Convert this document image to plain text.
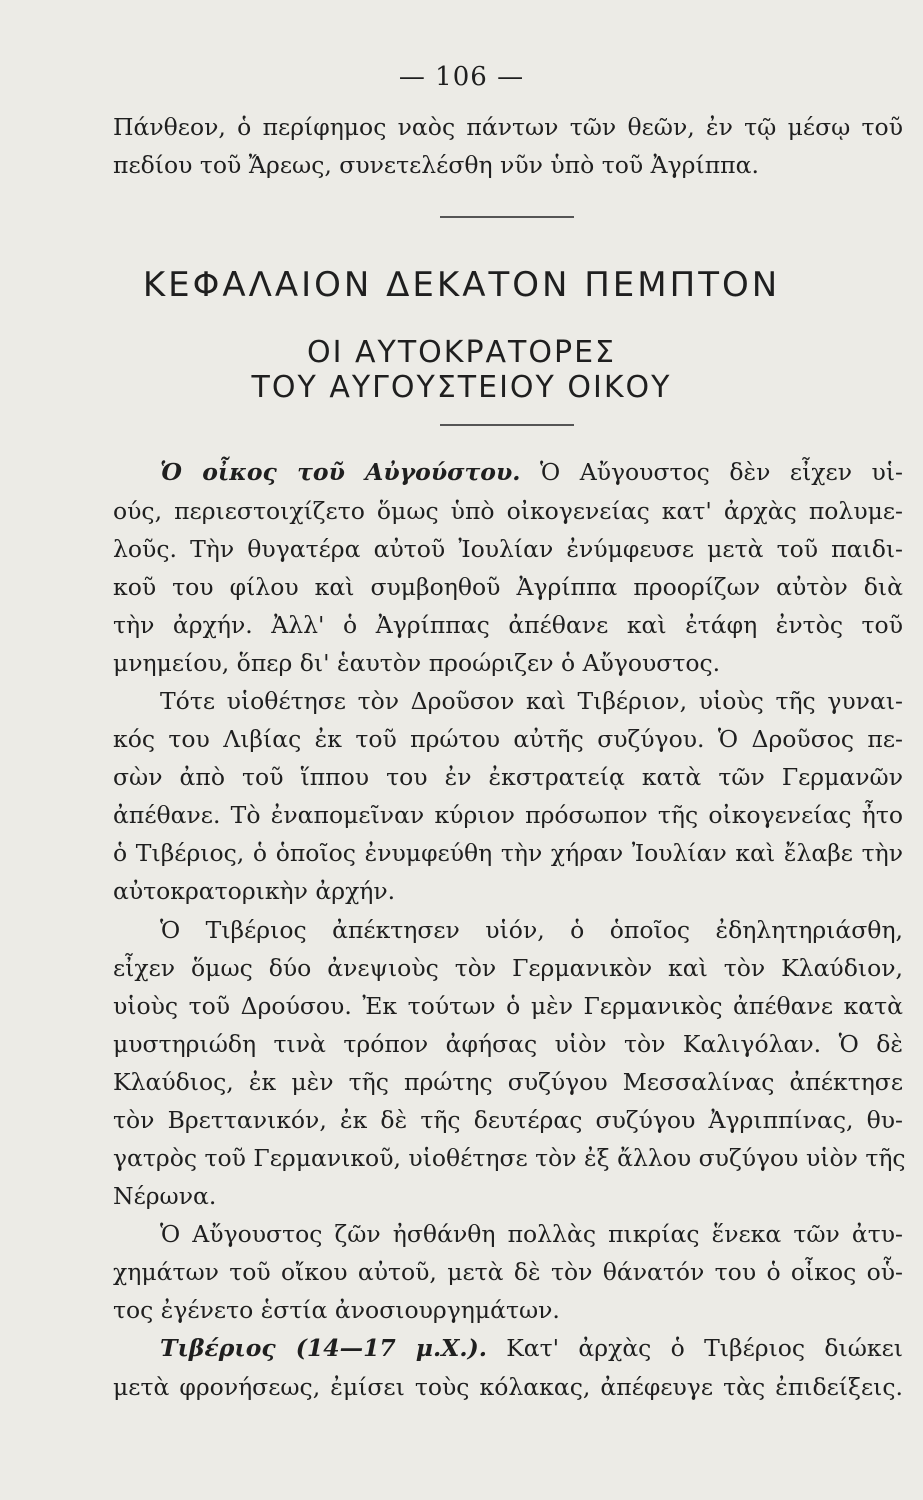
— 106 —
Πάνθεον, ὁ περίφημος ναὸς πάντων τῶν θεῶν, ἐν τῷ μέσῳ τοῦ
πεδίου τοῦ Ἄρεως, συνετελέσθη νῦν ὑπὸ τοῦ Ἀγρίππα.
ΚΕΦΑΛΑΙΟΝ ΔΕΚΑΤΟΝ ΠΕΜΠΤΟΝ
ΟΙ ΑΥΤΟΚΡΑΤΟΡΕΣ
ΤΟΥ ΑΥΓΟΥΣΤΕΙΟΥ ΟΙΚΟΥ
Ὁ οἶκος τοῦ Αὐγούστου. Ὁ Αὔγουστος δὲν εἶχεν υἱ-
ούς, περιεστοιχίζετο ὅμως ὑπὸ οἰκογενείας κατ' ἀρχὰς πολυμε-
λοῦς. Τὴν θυγατέρα αὐτοῦ Ἰουλίαν ἐνύμφευσε μετὰ τοῦ παιδι-
κοῦ του φίλου καὶ συμβοηθοῦ Ἀγρίππα προορίζων αὐτὸν διὰ
τὴν ἀρχήν. Ἀλλ' ὁ Ἀγρίππας ἀπέθανε καὶ ἐτάφη ἐντὸς τοῦ
μνημείου, ὅπερ δι' ἑαυτὸν προώριζεν ὁ Αὔγουστος.
Τότε υἱοθέτησε τὸν Δροῦσον καὶ Τιβέριον, υἱοὺς τῆς γυναι-
κός του Λιβίας ἐκ τοῦ πρώτου αὐτῆς συζύγου. Ὁ Δροῦσος πε-
σὼν ἀπὸ τοῦ ἵππου του ἐν ἐκστρατείᾳ κατὰ τῶν Γερμανῶν
ἀπέθανε. Τὸ ἐναπομεῖναν κύριον πρόσωπον τῆς οἰκογενείας ἦτο
ὁ Τιβέριος, ὁ ὁποῖος ἐνυμφεύθη τὴν χήραν Ἰουλίαν καὶ ἔλαβε τὴν
αὐτοκρατορικὴν ἀρχήν.
Ὁ Τιβέριος ἀπέκτησεν υἱόν, ὁ ὁποῖος ἐδηλητηριάσθη,
εἶχεν ὅμως δύο ἀνεψιοὺς τὸν Γερμανικὸν καὶ τὸν Κλαύδιον,
υἱοὺς τοῦ Δρούσου. Ἐκ τούτων ὁ μὲν Γερμανικὸς ἀπέθανε κατὰ
μυστηριώδη τινὰ τρόπον ἀφήσας υἱὸν τὸν Καλιγόλαν. Ὁ δὲ
Κλαύδιος, ἐκ μὲν τῆς πρώτης συζύγου Μεσσαλίνας ἀπέκτησε
τὸν Βρεττανικόν, ἐκ δὲ τῆς δευτέρας συζύγου Ἀγριππίνας, θυ-
γατρὸς τοῦ Γερμανικοῦ, υἱοθέτησε τὸν ἐξ ἄλλου συζύγου υἱὸν τῆς
Νέρωνα.
Ὁ Αὔγουστος ζῶν ἠσθάνθη πολλὰς πικρίας ἕνεκα τῶν ἀτυ-
χημάτων τοῦ οἴκου αὐτοῦ, μετὰ δὲ τὸν θάνατόν του ὁ οἶκος οὗ-
τος ἐγένετο ἑστία ἀνοσιουργημάτων.
Τιβέριος (14—17 μ.Χ.). Κατ' ἀρχὰς ὁ Τιβέριος διώκει
μετὰ φρονήσεως, ἐμίσει τοὺς κόλακας, ἀπέφευγε τὰς ἐπιδείξεις.
